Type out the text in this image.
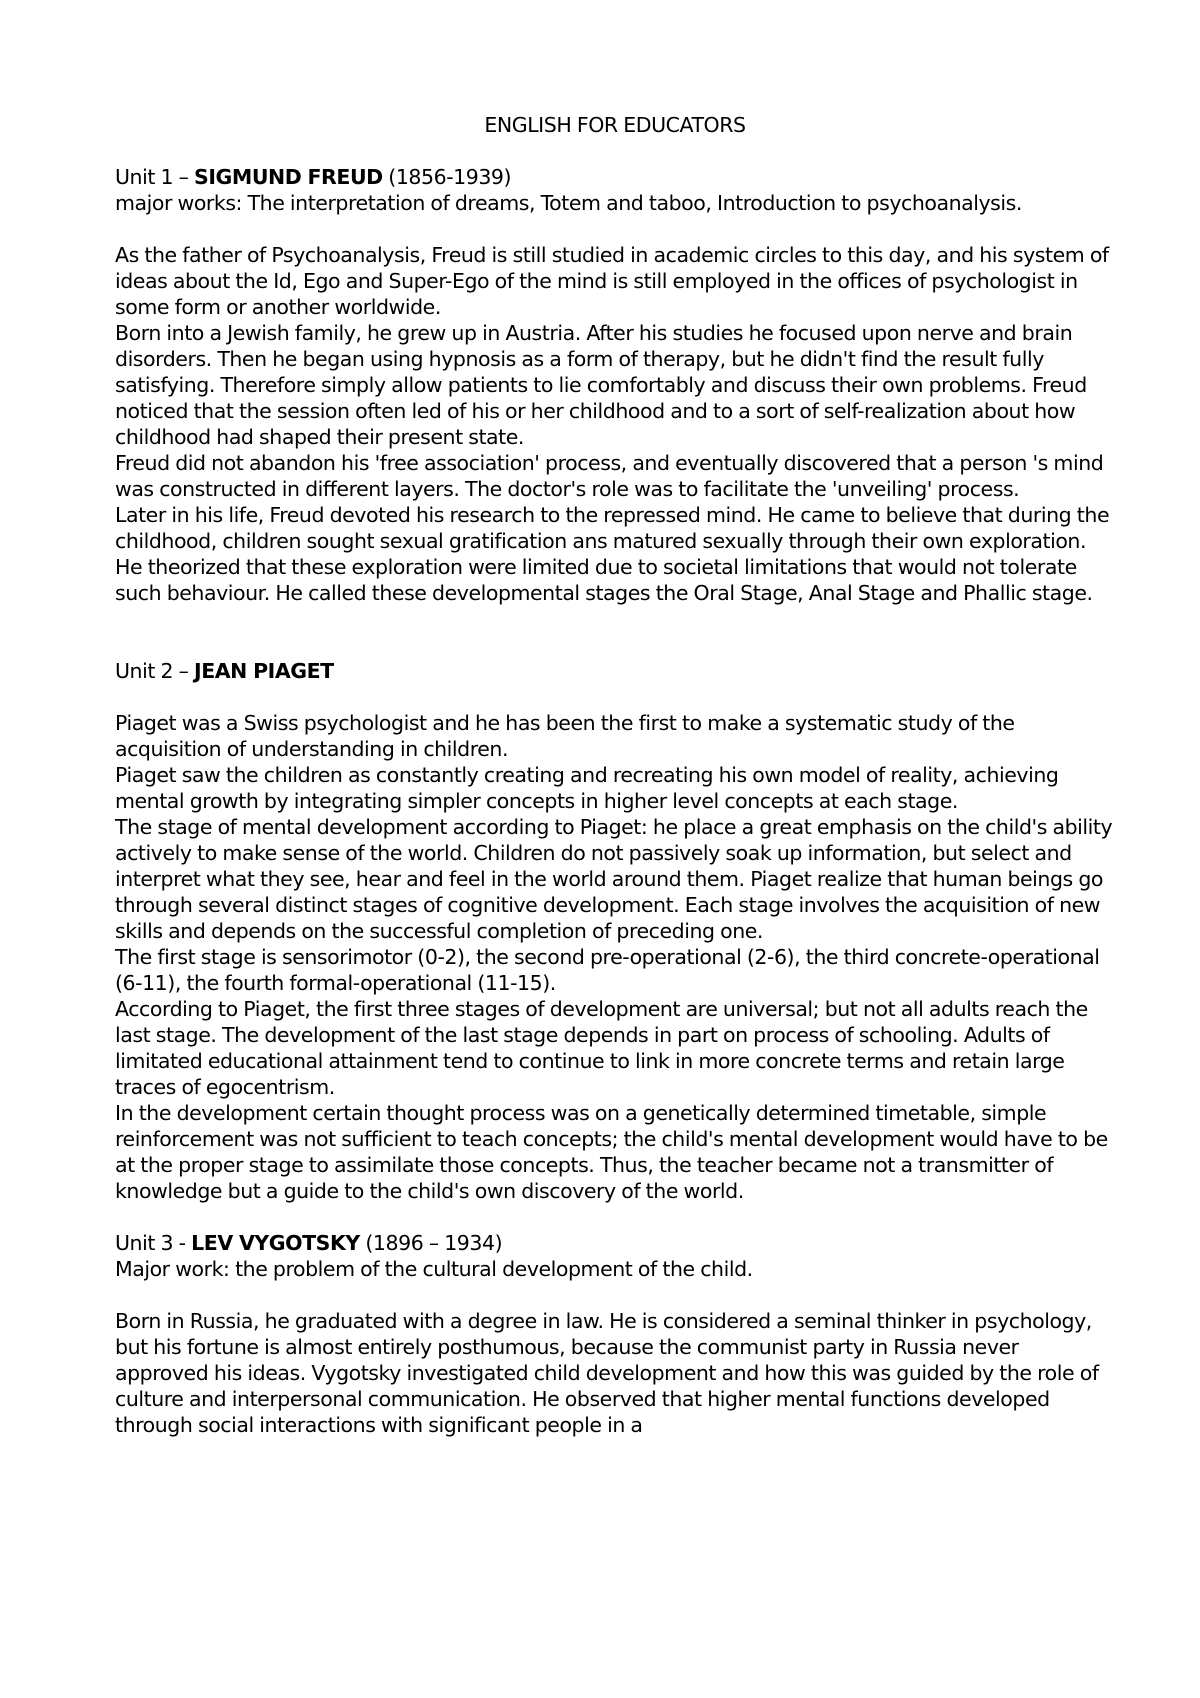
ENGLISH FOR EDUCATORS
Unit 1 – SIGMUND FREUD (1856-1939)

major works: The interpretation of dreams, Totem and taboo, Introduction to psychoanalysis.

As the father of Psychoanalysis, Freud is still studied in academic circles to this day, and his system of ideas about the Id, Ego and Super-Ego of the mind is still employed in the offices of psychologist in some form or another worldwide.

Born into a Jewish family, he grew up in Austria. After his studies he focused upon nerve and brain disorders. Then he began using hypnosis as a form of therapy, but he didn't find the result fully satisfying. Therefore simply allow patients to lie comfortably and discuss their own problems. Freud noticed that the session often led of his or her childhood and to a sort of self-realization about how childhood had shaped their present state.

Freud did not abandon his 'free association' process, and eventually discovered that a person 's mind was constructed in different layers. The doctor's role was to facilitate the 'unveiling' process.

Later in his life, Freud devoted his research to the repressed mind. He came to believe that during the childhood, children sought sexual gratification ans matured sexually through their own exploration. He theorized that these exploration were limited due to societal limitations that would not tolerate such behaviour. He called these developmental stages the Oral Stage, Anal Stage and Phallic stage.

Unit 2 – JEAN PIAGET

Piaget was a Swiss psychologist and he has been the first to make a systematic study of the acquisition of understanding in children.

Piaget saw the children as constantly creating and recreating his own model of reality, achieving mental growth by integrating simpler concepts in higher level concepts at each stage.

The stage of mental development according to Piaget: he place a great emphasis on the child's ability actively to make sense of the world. Children do not passively soak up information, but select and interpret what they see, hear and feel in the world around them. Piaget realize that human beings go through several distinct stages of cognitive development. Each stage involves the acquisition of new skills and depends on the successful completion of preceding one.

The first stage is sensorimotor (0-2), the second pre-operational (2-6), the third concrete-operational (6-11), the fourth formal-operational (11-15).

According to Piaget, the first three stages of development are universal; but not all adults reach the last stage. The development of the last stage depends in part on process of schooling. Adults of limitated educational attainment tend to continue to link in more concrete terms and retain large traces of egocentrism.

In the development certain thought process was on a genetically determined timetable, simple reinforcement was not sufficient to teach concepts; the child's mental development would have to be at the proper stage to assimilate those concepts. Thus, the teacher became not a transmitter of knowledge but a guide to the child's own discovery of the world.

Unit 3 - LEV VYGOTSKY (1896 – 1934)

Major work: the problem of the cultural development of the child.

Born in Russia, he graduated with a degree in law. He is considered a seminal thinker in psychology, but his fortune is almost entirely posthumous, because the communist party in Russia never approved his ideas. Vygotsky investigated child development and how this was guided by the role of culture and interpersonal communication. He observed that higher mental functions developed through social interactions with significant people in a
